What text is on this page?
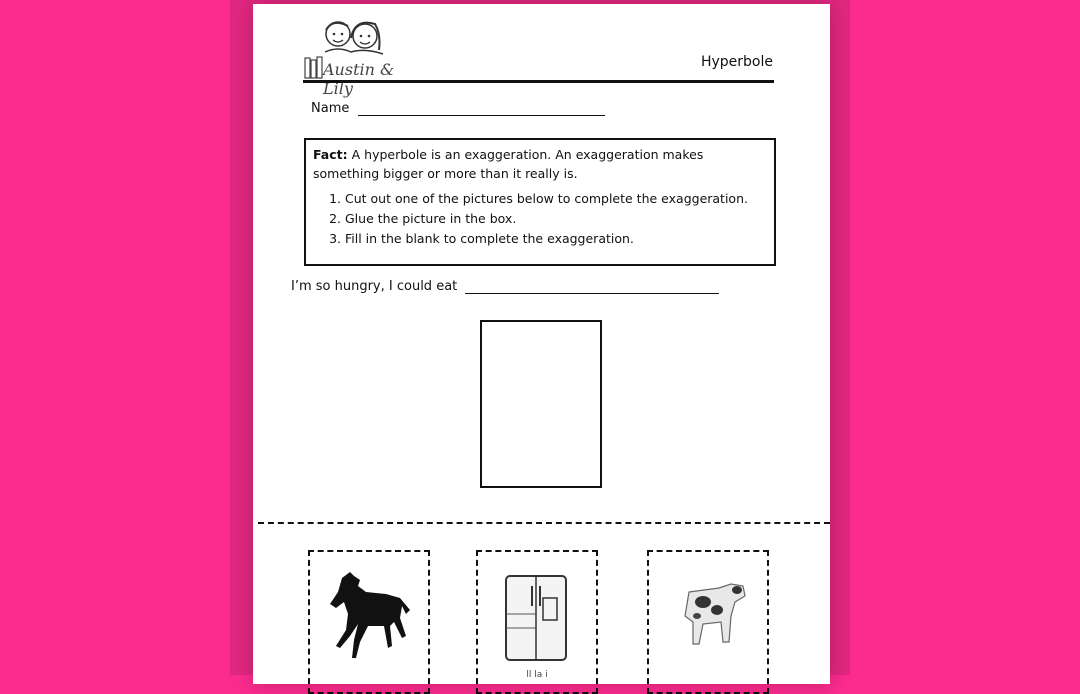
Austin & Lily
Hyperbole
Name
Fact: A hyperbole is an exaggeration. An exaggeration makes something bigger or more than it really is.
1. Cut out one of the pictures below to complete the exaggeration.
2. Glue the picture in the box.
3. Fill in the blank to complete the exaggeration.
I’m so hungry, I could eat
ll la i
